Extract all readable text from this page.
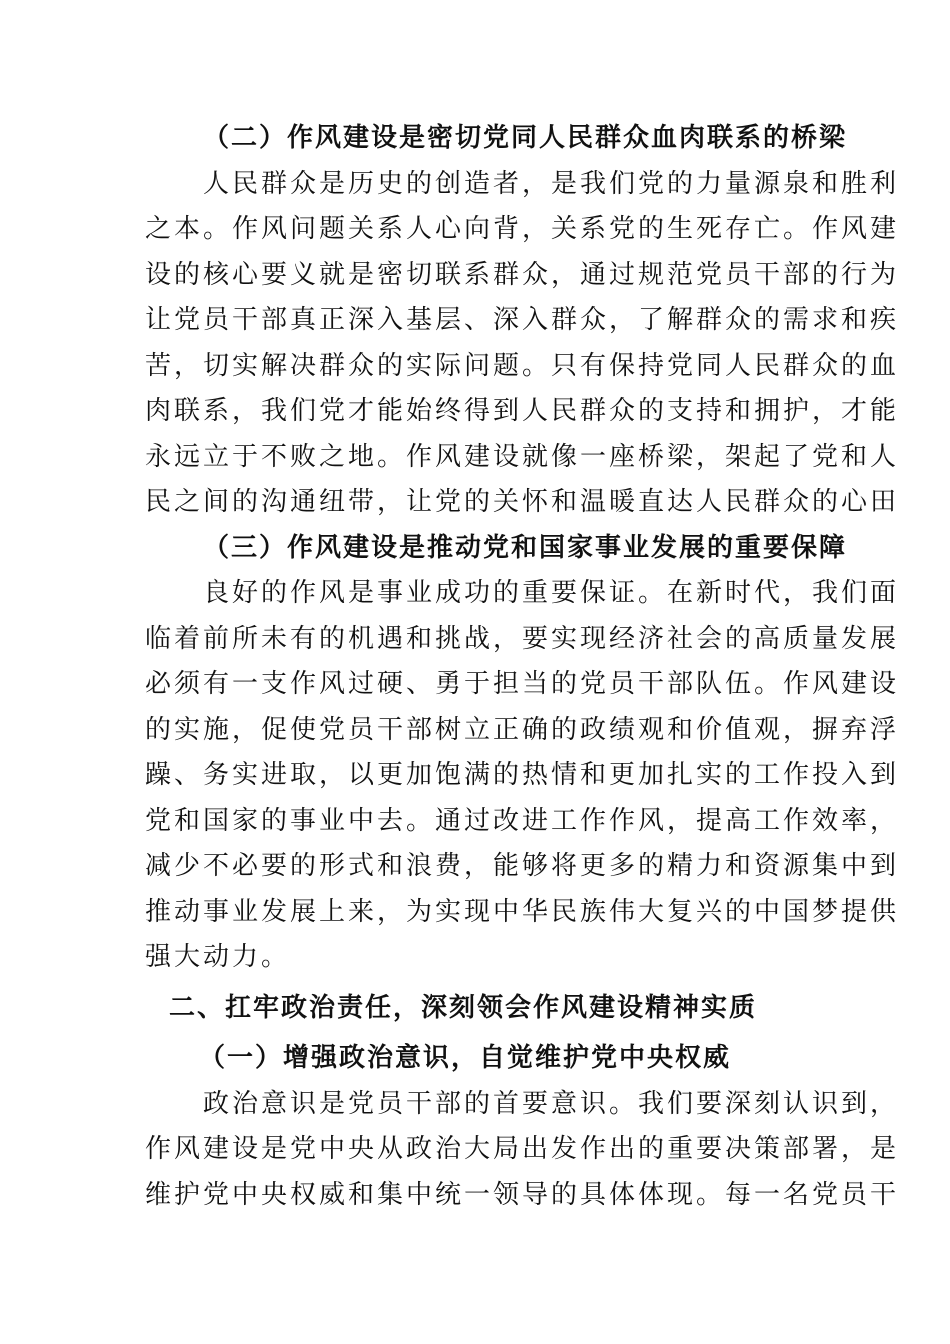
（二）作风建设是密切党同人民群众血肉联系的桥梁
　　人民群众是历史的创造者，是我们党的力量源泉和胜利
之本。作风问题关系人心向背，关系党的生死存亡。作风建
设的核心要义就是密切联系群众，通过规范党员干部的行为
让党员干部真正深入基层、深入群众，了解群众的需求和疾
苦，切实解决群众的实际问题。只有保持党同人民群众的血
肉联系，我们党才能始终得到人民群众的支持和拥护，才能
永远立于不败之地。作风建设就像一座桥梁，架起了党和人
民之间的沟通纽带，让党的关怀和温暖直达人民群众的心田
（三）作风建设是推动党和国家事业发展的重要保障
　　良好的作风是事业成功的重要保证。在新时代，我们面
临着前所未有的机遇和挑战，要实现经济社会的高质量发展
必须有一支作风过硬、勇于担当的党员干部队伍。作风建设
的实施，促使党员干部树立正确的政绩观和价值观，摒弃浮
躁、务实进取，以更加饱满的热情和更加扎实的工作投入到
党和国家的事业中去。通过改进工作作风，提高工作效率，
减少不必要的形式和浪费，能够将更多的精力和资源集中到
推动事业发展上来，为实现中华民族伟大复兴的中国梦提供
强大动力。
二、扛牢政治责任，深刻领会作风建设精神实质
（一）增强政治意识，自觉维护党中央权威
　　政治意识是党员干部的首要意识。我们要深刻认识到，
作风建设是党中央从政治大局出发作出的重要决策部署，是
维护党中央权威和集中统一领导的具体体现。每一名党员干
